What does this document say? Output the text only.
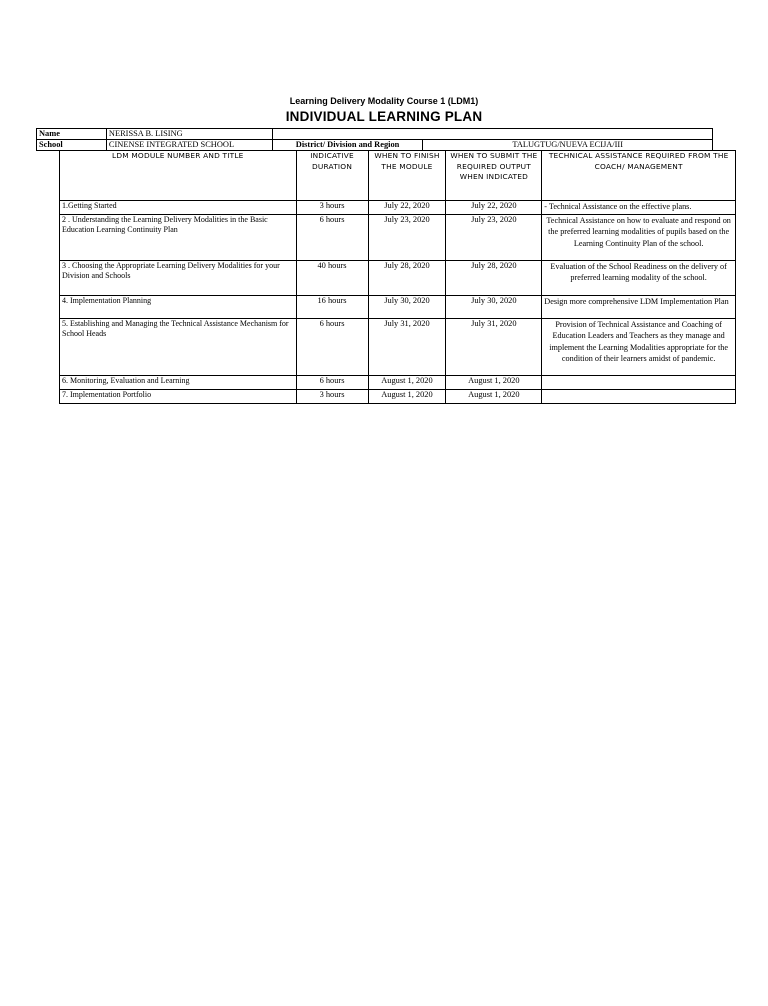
Learning Delivery Modality Course 1 (LDM1)
INDIVIDUAL LEARNING PLAN
Name	NERISSA B. LISING		
School	CINENSE INTEGRATED SCHOOL	District/ Division and Region	TALUGTUG/NUEVA ECIJA/III
LDM MODULE NUMBER AND TITLE	INDICATIVE DURATION	WHEN TO FINISH THE MODULE	WHEN TO SUBMIT THE REQUIRED OUTPUT WHEN INDICATED	TECHNICAL ASSISTANCE REQUIRED FROM THE COACH/ MANAGEMENT
1.Getting Started	3 hours	July 22, 2020	July 22, 2020	- Technical Assistance on the effective plans.
2 . Understanding the Learning Delivery Modalities in the Basic Education Learning Continuity Plan	6 hours	July 23, 2020	July 23, 2020	Technical Assistance on how to evaluate and respond on the preferred learning modalities of pupils based on the Learning Continuity Plan of the school.
3 . Choosing the Appropriate Learning Delivery Modalities for your Division and Schools	40 hours	July 28, 2020	July 28, 2020	Evaluation of the School Readiness on the delivery of preferred learning modality of the school.
4. Implementation Planning	16 hours	July 30, 2020	July 30, 2020	Design more comprehensive LDM Implementation Plan
5. Establishing and Managing the Technical Assistance Mechanism for School Heads	6 hours	July 31, 2020	July 31, 2020	Provision of Technical Assistance and Coaching of Education Leaders and Teachers as they manage and implement the Learning Modalities appropriate for the condition of their learners amidst of pandemic.
6. Monitoring, Evaluation and Learning	6 hours	August 1, 2020	August 1, 2020	
7. Implementation Portfolio	3 hours	August 1, 2020	August 1, 2020	
